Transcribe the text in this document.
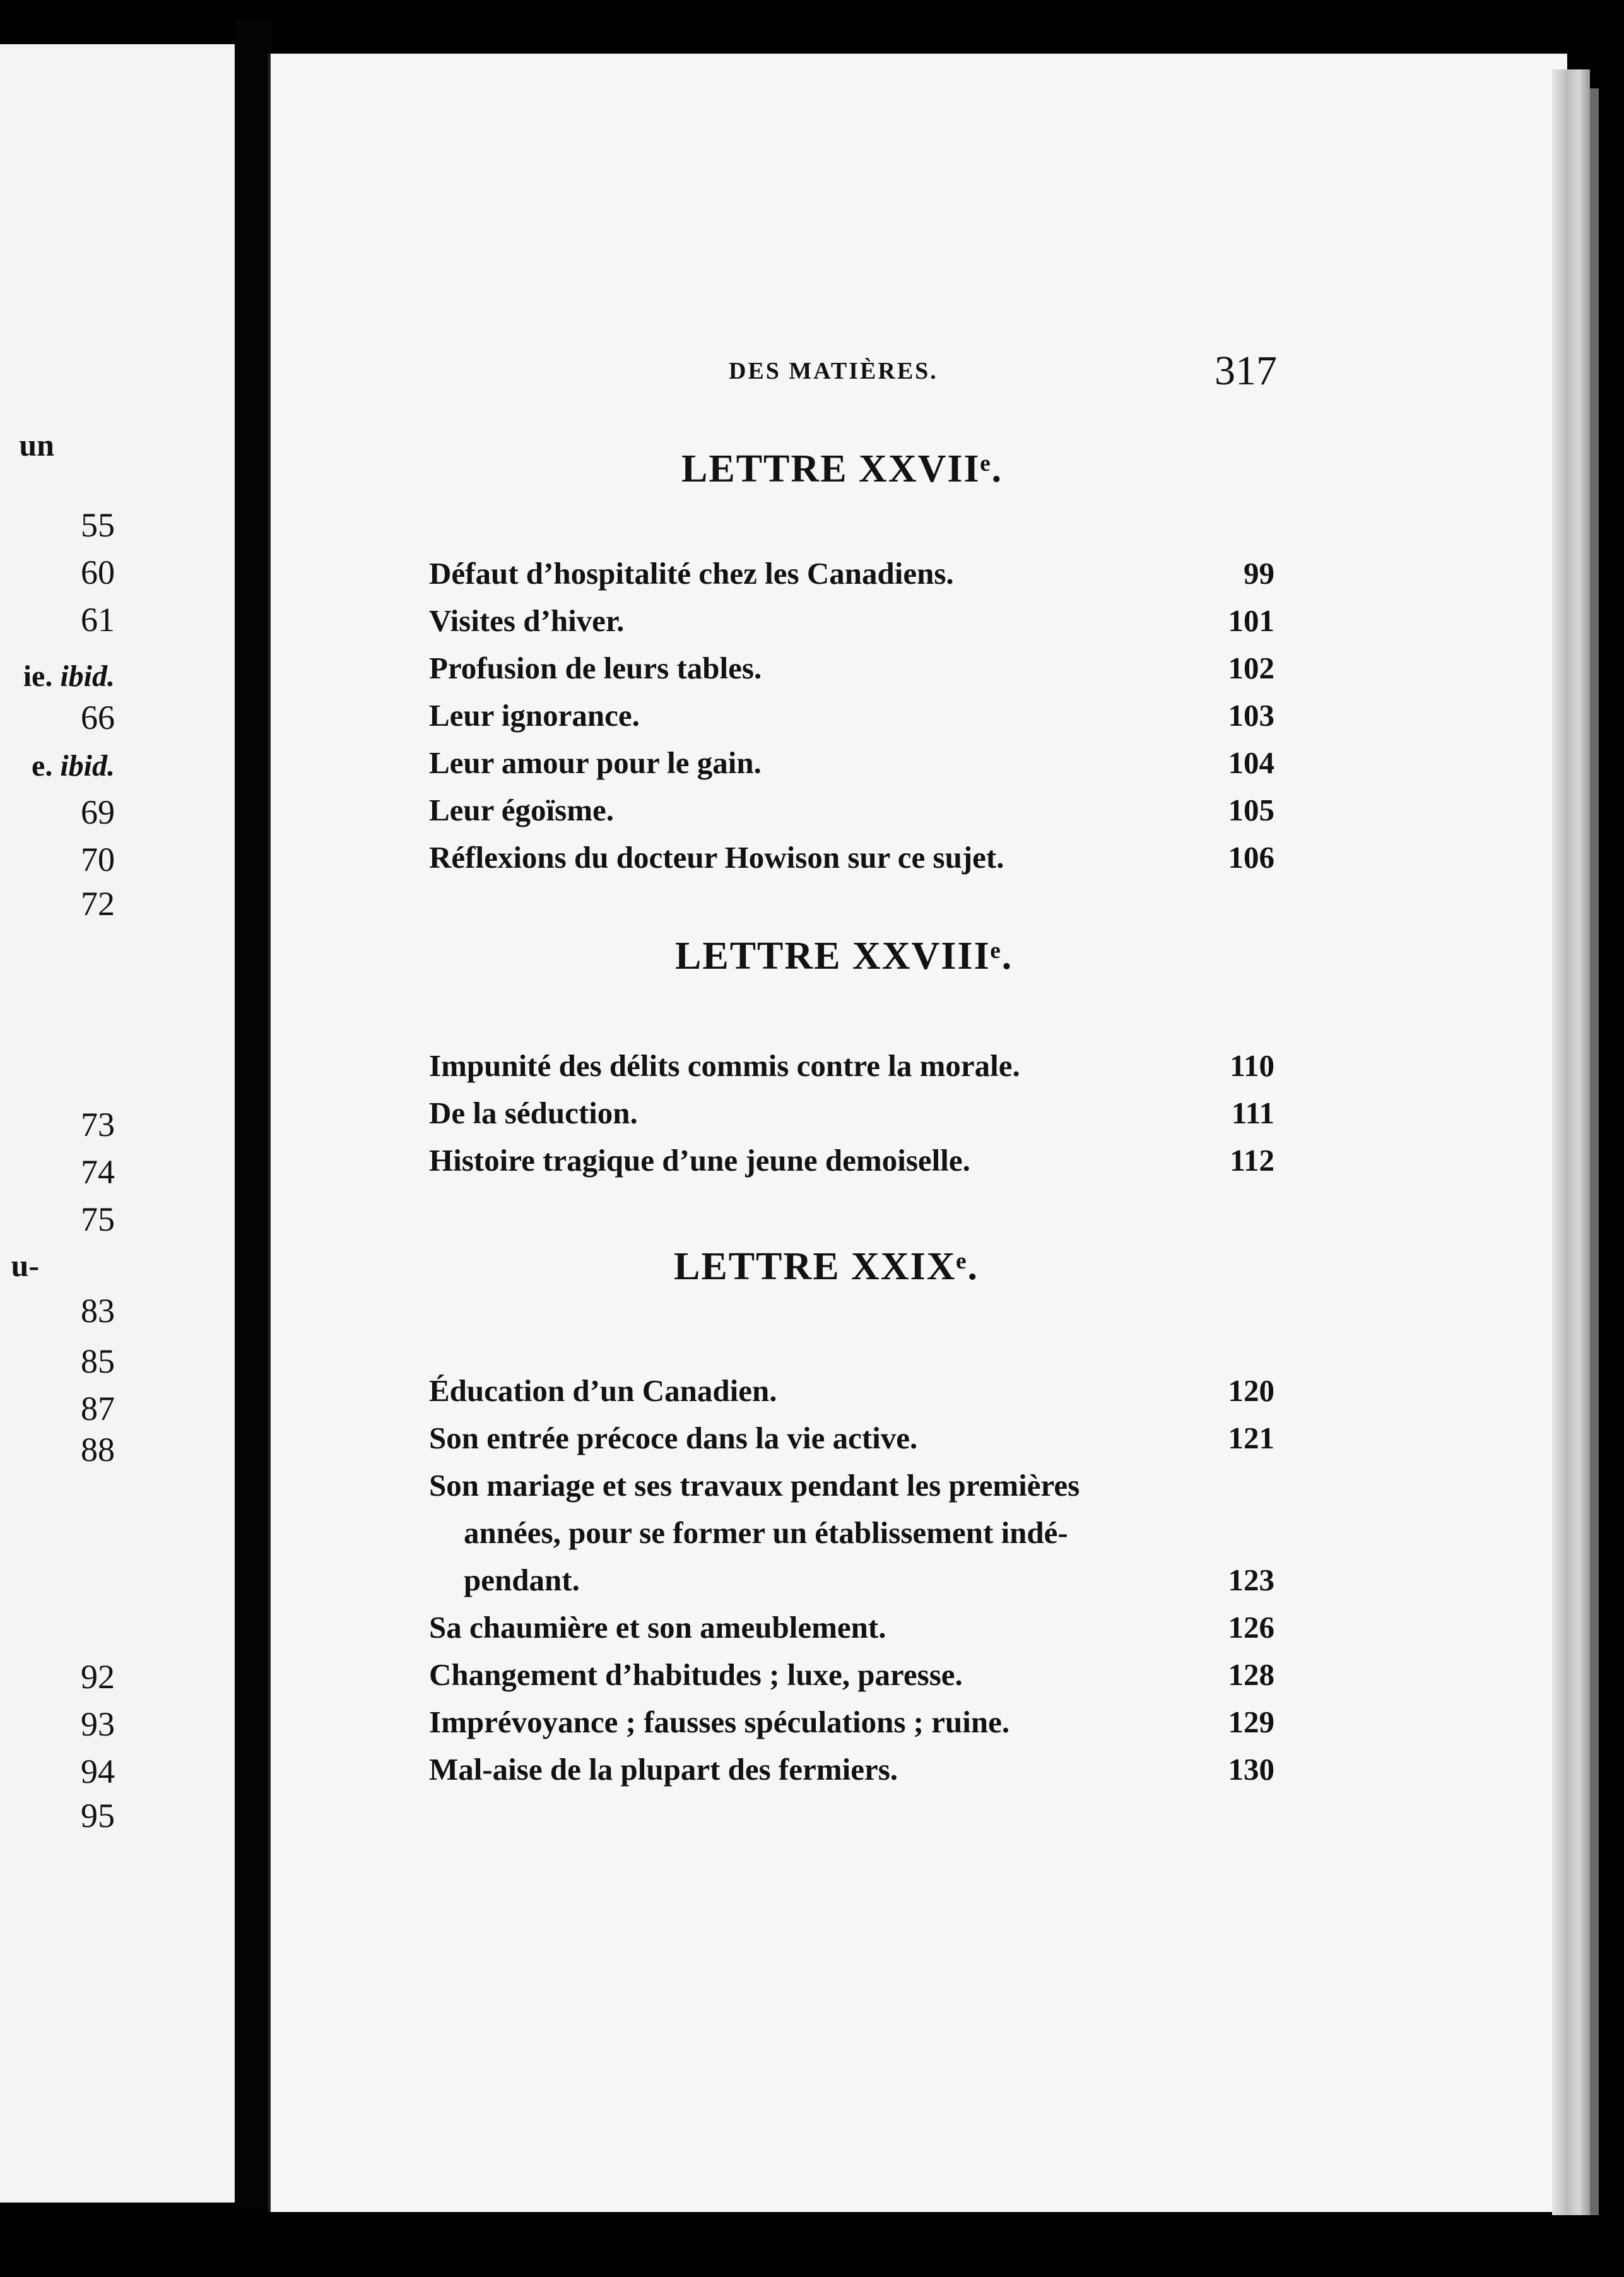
un
55
60
61
ie. ibid.
66
e. ibid.
69
70
72
73
74
75
u-
83
85
87
88
92
93
94
95
DES MATIÈRES.	317
LETTRE XXVIIᵉ.
Défaut d’hospitalité chez les Canadiens.	99
Visites d’hiver.	101
Profusion de leurs tables.	102
Leur ignorance.	103
Leur amour pour le gain.	104
Leur égoïsme.	105
Réflexions du docteur Howison sur ce sujet.	106
LETTRE XXVIIIᵉ.
Impunité des délits commis contre la morale.	110
De la séduction.	111
Histoire tragique d’une jeune demoiselle.	112
LETTRE XXIXᵉ.
Éducation d’un Canadien.	120
Son entrée précoce dans la vie active.	121
Son mariage et ses travaux pendant les premières
années, pour se former un établissement indé-
pendant.	123
Sa chaumière et son ameublement.	126
Changement d’habitudes ; luxe, paresse.	128
Imprévoyance ; fausses spéculations ; ruine.	129
Mal-aise de la plupart des fermiers.	130
